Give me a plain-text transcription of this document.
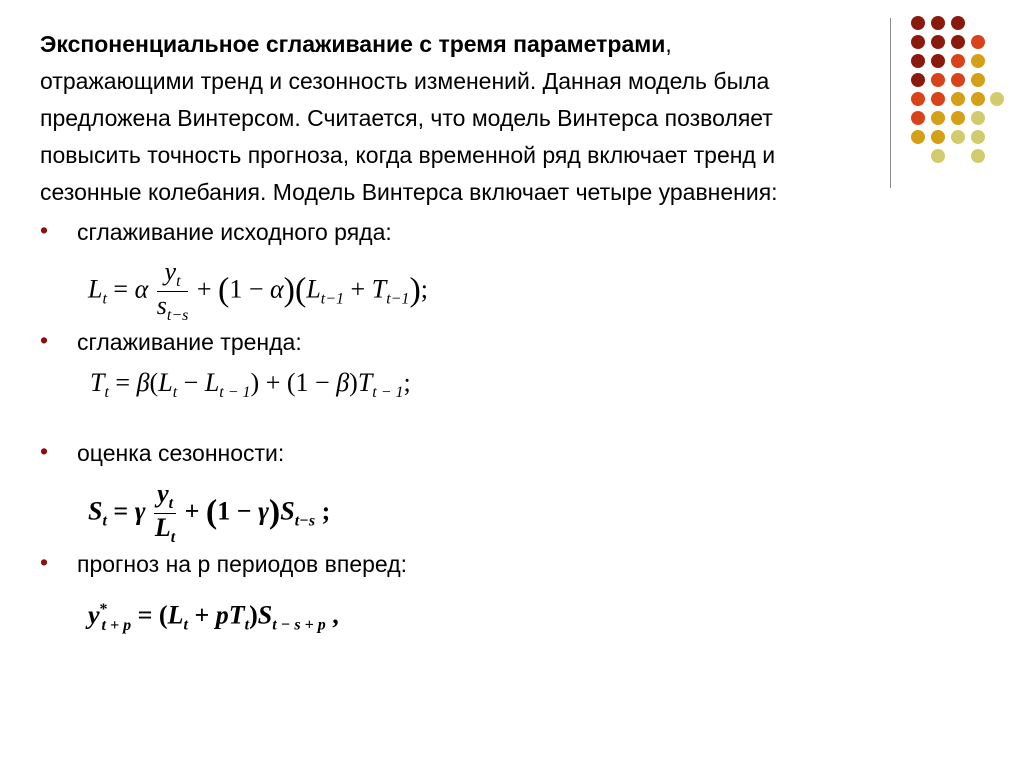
Экспоненциальное сглаживание с тремя параметрами,
отражающими тренд и сезонность изменений. Данная модель была
предложена Винтерсом. Считается, что модель Винтерса позволяет
повысить точность прогноза, когда временной ряд включает тренд и
сезонные колебания. Модель Винтерса включает четыре уравнения:

• сглаживание исходного ряда:
$L_t = \alpha \frac{y_t}{s_{t-s}} + (1 - \alpha)(L_{t-1} + T_{t-1})$;
• сглаживание тренда:
$T_t = \beta(L_t - L_{t - 1}) + (1 - \beta)T_{t - 1}$;
• оценка сезонности:
$S_t = \gamma \frac{y_t}{L_t} + (1 - \gamma)S_{t-s}$ ;
• прогноз на р периодов вперед:
$y^*_{t + p} = (L_t + pT_t)S_{t - s + p}$ ,
